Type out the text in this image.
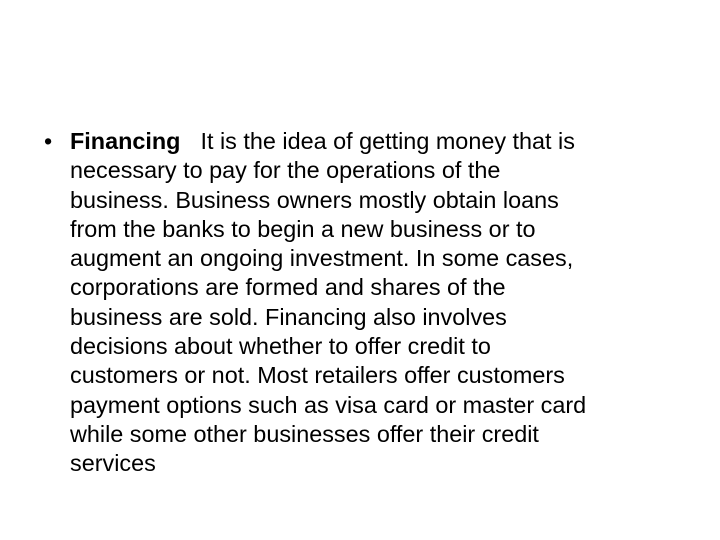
• Financing It is the idea of getting money that is
necessary to pay for the operations of the
business. Business owners mostly obtain loans
from the banks to begin a new business or to
augment an ongoing investment. In some cases,
corporations are formed and shares of the
business are sold. Financing also involves
decisions about whether to offer credit to
customers or not. Most retailers offer customers
payment options such as visa card or master card
while some other businesses offer their credit
services
